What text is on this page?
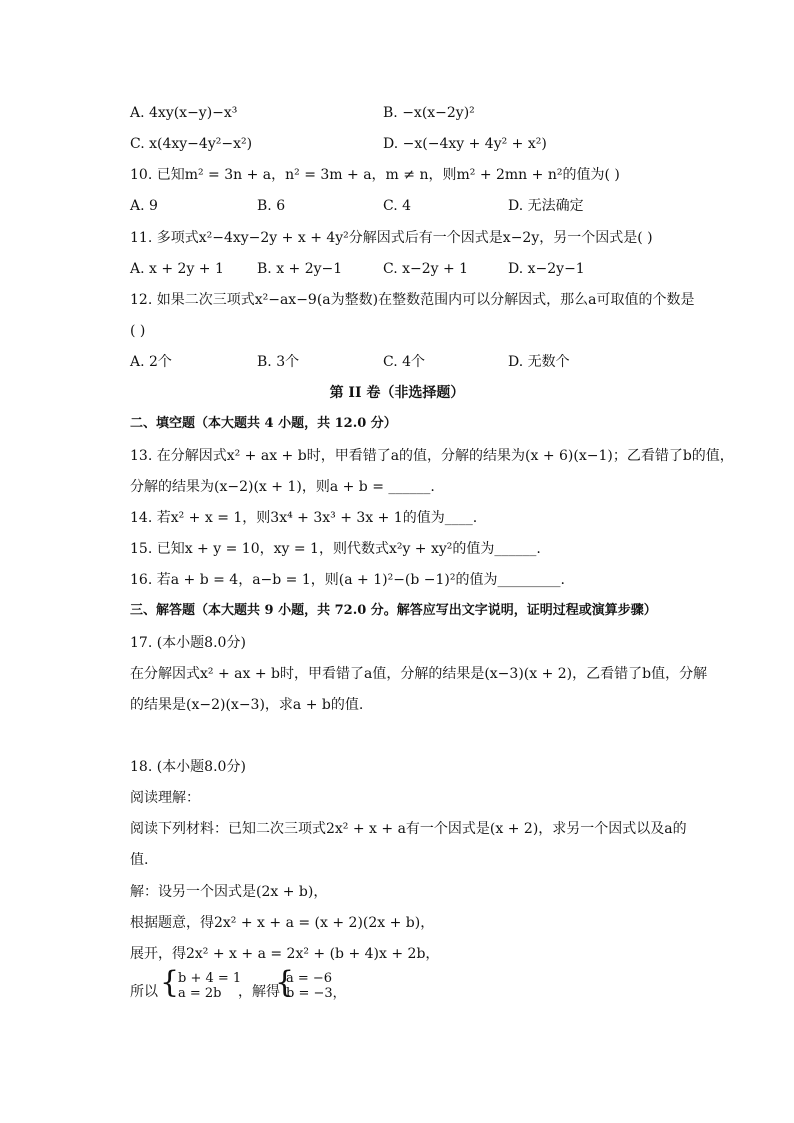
A. 4xy(x−y)−x³	B. −x(x−2y)²
C. x(4xy−4y²−x²)	D. −x(−4xy + 4y² + x²)
10. 已知m² = 3n + a，n² = 3m + a，m ≠ n，则m² + 2mn + n²的值为( )
A. 9	B. 6	C. 4	D. 无法确定
11. 多项式x²−4xy−2y + x + 4y²分解因式后有一个因式是x−2y，另一个因式是( )
A. x + 2y + 1 B. x + 2y−1	C. x−2y + 1	D. x−2y−1
12. 如果二次三项式x²−ax−9(a为整数)在整数范围内可以分解因式，那么a可取值的个数是
( )
A. 2个	B. 3个	C. 4个	D. 无数个
第 II 卷（非选择题）
二、填空题（本大题共 4 小题，共 12.0 分）
13. 在分解因式x² + ax + b时，甲看错了a的值，分解的结果为(x + 6)(x−1)；乙看错了b的值，
分解的结果为(x−2)(x + 1)，则a + b = ______.
14. 若x² + x = 1，则3x⁴ + 3x³ + 3x + 1的值为____.
15. 已知x + y = 10，xy = 1，则代数式x²y + xy²的值为______.
16. 若a + b = 4，a−b = 1，则(a + 1)²−(b −1)²的值为_________.
三、解答题（本大题共 9 小题，共 72.0 分。解答应写出文字说明，证明过程或演算步骤）
17. (本小题8.0分)
在分解因式x² + ax + b时，甲看错了a值，分解的结果是(x−3)(x + 2)，乙看错了b值，分解
的结果是(x−2)(x−3)，求a + b的值.
18. (本小题8.0分)
阅读理解：
阅读下列材料：已知二次三项式2x² + x + a有一个因式是(x + 2)，求另一个因式以及a的
值.
解：设另一个因式是(2x + b)，
根据题意，得2x² + x + a = (x + 2)(2x + b)，
展开，得2x² + x + a = 2x² + (b + 4)x + 2b，
所以 {
b + 4 = 1
a = 2b ，解得
{
a = −6
b = −3，
